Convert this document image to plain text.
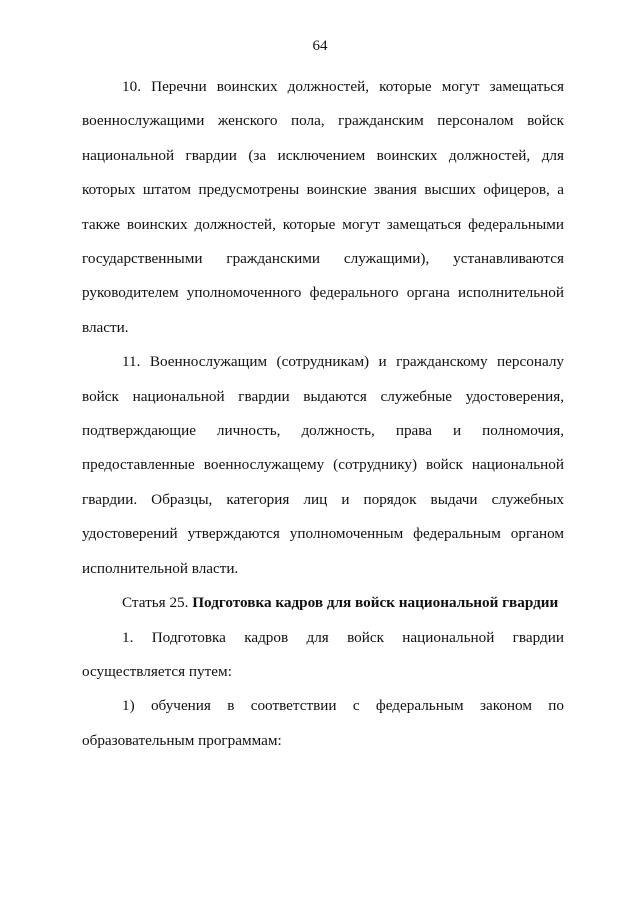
64
10. Перечни воинских должностей, которые могут замещаться
военнослужащими женского пола, гражданским персоналом войск
национальной гвардии (за исключением воинских должностей, для
которых штатом предусмотрены воинские звания высших офицеров, а
также воинских должностей, которые могут замещаться федеральными
государственными гражданскими служащими), устанавливаются
руководителем уполномоченного федерального органа исполнительной
власти.
11. Военнослужащим (сотрудникам) и гражданскому персоналу
войск национальной гвардии выдаются служебные удостоверения,
подтверждающие личность, должность, права и полномочия,
предоставленные военнослужащему (сотруднику) войск национальной
гвардии. Образцы, категория лиц и порядок выдачи служебных
удостоверений утверждаются уполномоченным федеральным органом
исполнительной власти.
Статья 25. Подготовка кадров для войск национальной гвардии
1. Подготовка кадров для войск национальной гвардии
осуществляется путем:
1) обучения в соответствии с федеральным законом по
образовательным программам:
